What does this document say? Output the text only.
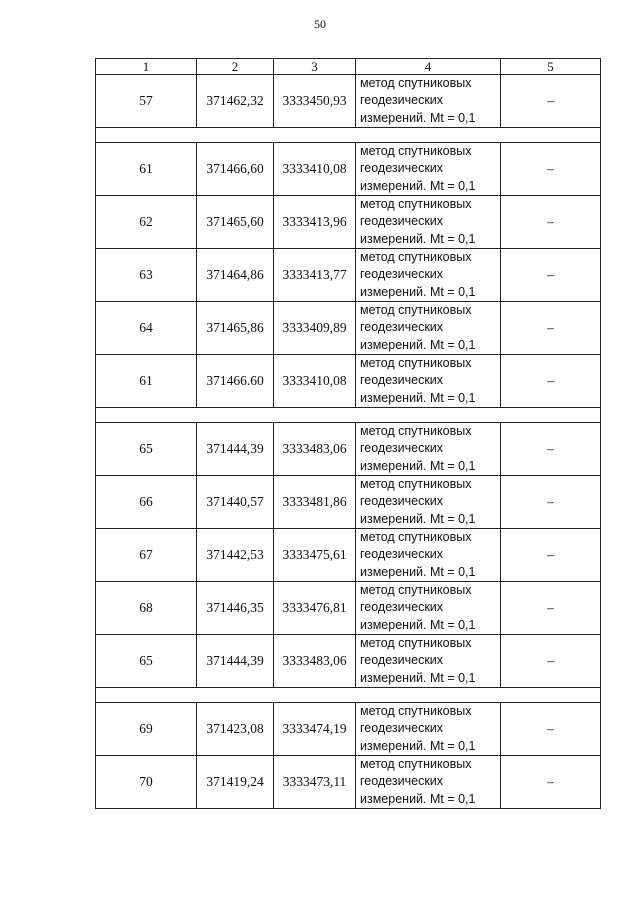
50
1	2	3	4	5
57	371462,32	3333450,93	метод спутниковых
геодезических
измерений. Mt = 0,1	–

61	371466,60	3333410,08	метод спутниковых
геодезических
измерений. Mt = 0,1	–
62	371465,60	3333413,96	метод спутниковых
геодезических
измерений. Mt = 0,1	–
63	371464,86	3333413,77	метод спутниковых
геодезических
измерений. Mt = 0,1	–
64	371465,86	3333409,89	метод спутниковых
геодезических
измерений. Mt = 0,1	–
61	371466.60	3333410,08	метод спутниковых
геодезических
измерений. Mt = 0,1	–

65	371444,39	3333483,06	метод спутниковых
геодезических
измерений. Mt = 0,1	–
66	371440,57	3333481,86	метод спутниковых
геодезических
измерений. Mt = 0,1	–
67	371442,53	3333475,61	метод спутниковых
геодезических
измерений. Mt = 0,1	–
68	371446,35	3333476,81	метод спутниковых
геодезических
измерений. Mt = 0,1	–
65	371444,39	3333483,06	метод спутниковых
геодезических
измерений. Mt = 0,1	–

69	371423,08	3333474,19	метод спутниковых
геодезических
измерений. Mt = 0,1	–
70	371419,24	3333473,11	метод спутниковых
геодезических
измерений. Mt = 0,1	–
